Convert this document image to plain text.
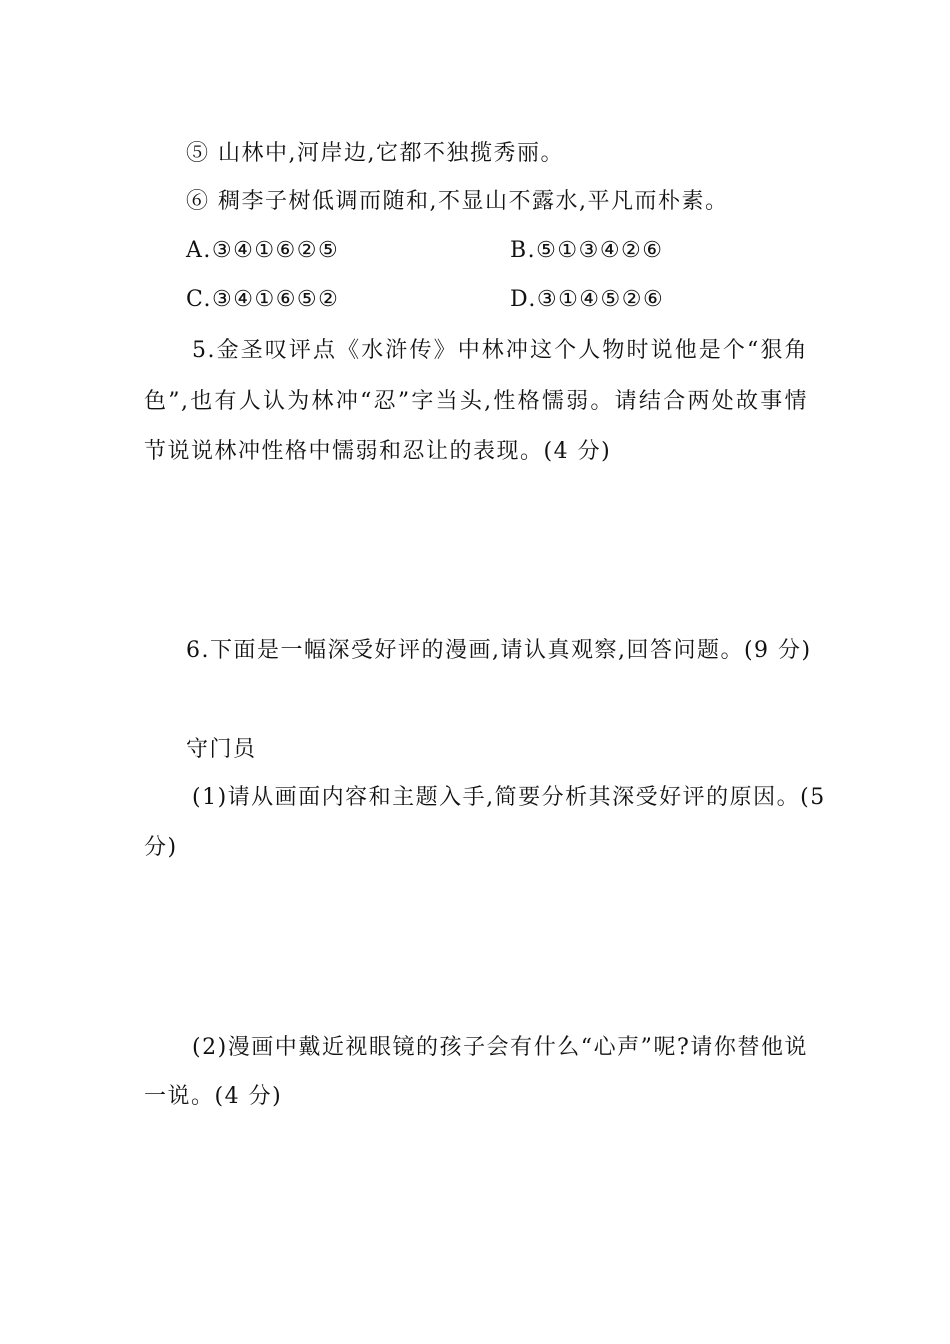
⑤ 山林中,河岸边,它都不独揽秀丽。
⑥ 稠李子树低调而随和,不显山不露水,平凡而朴素。
A.③④①⑥②⑤	B.⑤①③④②⑥
C.③④①⑥⑤②	D.③①④⑤②⑥
5.金圣叹评点《水浒传》中林冲这个人物时说他是个“狠角
色”,也有人认为林冲“忍”字当头,性格懦弱。请结合两处故事情
节说说林冲性格中懦弱和忍让的表现。(4 分)
6.下面是一幅深受好评的漫画,请认真观察,回答问题。(9 分)
守门员
(1)请从画面内容和主题入手,简要分析其深受好评的原因。(5
分)
(2)漫画中戴近视眼镜的孩子会有什么“心声”呢?请你替他说
一说。(4 分)
